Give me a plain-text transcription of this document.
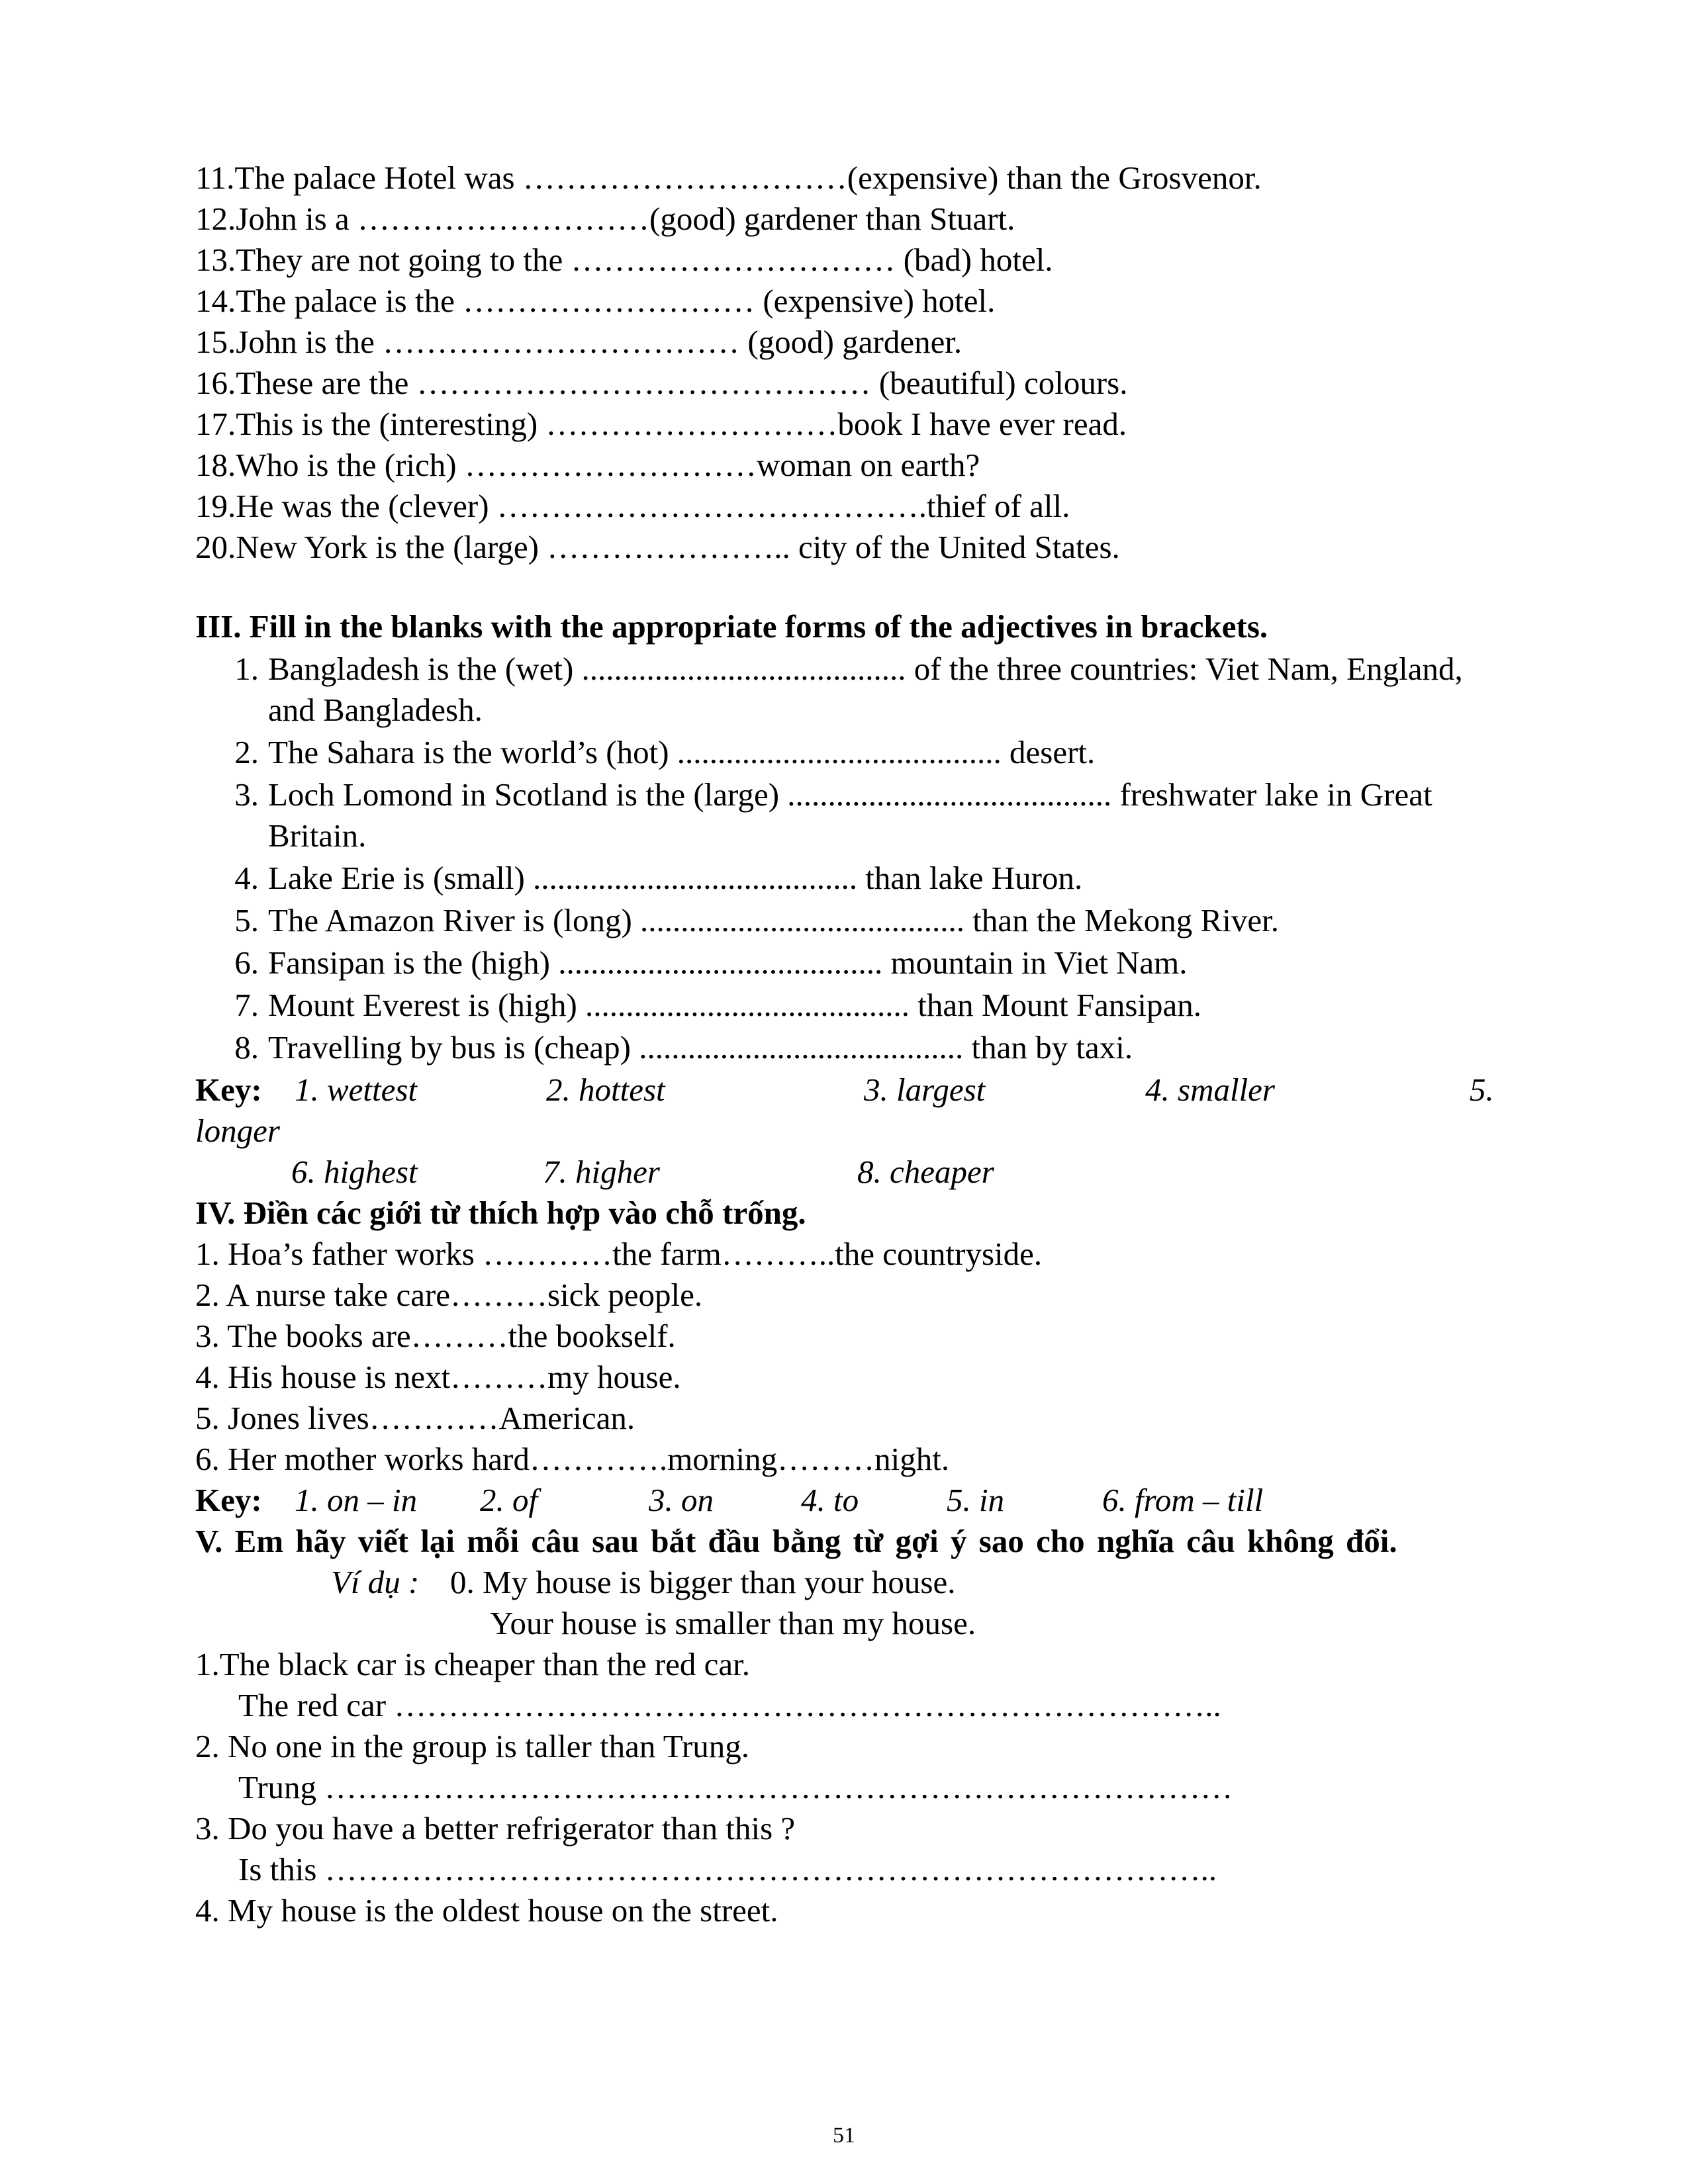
11.The palace Hotel was …………………………(expensive) than the Grosvenor.
12.John is a ………………………(good) gardener than Stuart.
13.They are not going to the ………………………… (bad) hotel.
14.The palace is the ……………………… (expensive) hotel.
15.John is the …………………………… (good) gardener.
16.These are the …………………………………… (beautiful) colours.
17.This is the (interesting) ………………………book I have ever read.
18.Who is the (rich) ………………………woman on earth?
19.He was the (clever) ………………………………….thief of all.
20.New York is the (large) ………………….. city of the United States.
III. Fill in the blanks with the appropriate forms of the adjectives in brackets.
1. Bangladesh is the (wet) ........................................ of the three countries: Viet Nam, England, and Bangladesh.
2. The Sahara is the world’s (hot) ........................................ desert.
3. Loch Lomond in Scotland is the (large) ........................................ freshwater lake in Great Britain.
4. Lake Erie is (small) ........................................ than lake Huron.
5. The Amazon River is (long) ........................................ than the Mekong River.
6. Fansipan is the (high) ........................................ mountain in Viet Nam.
7. Mount Everest is (high) ........................................ than Mount Fansipan.
8. Travelling by bus is (cheap) ........................................ than by taxi.
Key: 1. wettest	2. hottest	3. largest	4. smaller	5.
longer
6. highest	7. higher	8. cheaper
IV. Điền các giới từ thích hợp vào chỗ trống.
1. Hoa’s father works …………the farm………..the countryside.
2. A nurse take care………sick people.
3. The books are………the bookself.
4. His house is next………my house.
5. Jones lives…………American.
6. Her mother works hard………….morning………night.
Key: 1. on – in 2. of	3. on	4. to	5. in	6. from – till
V. Em hãy viết lại mỗi câu sau bắt đầu bằng từ gợi ý sao cho nghĩa câu không đổi.
Ví dụ : 0. My house is bigger than your house.
Your house is smaller than my house.
1.The black car is cheaper than the red car.
The red car …………………………………………………………………..
2. No one in the group is taller than Trung.
Trung …………………………………………………………………………
3. Do you have a better refrigerator than this ?
Is this ………………………………………………………………………..
4. My house is the oldest house on the street.
51
